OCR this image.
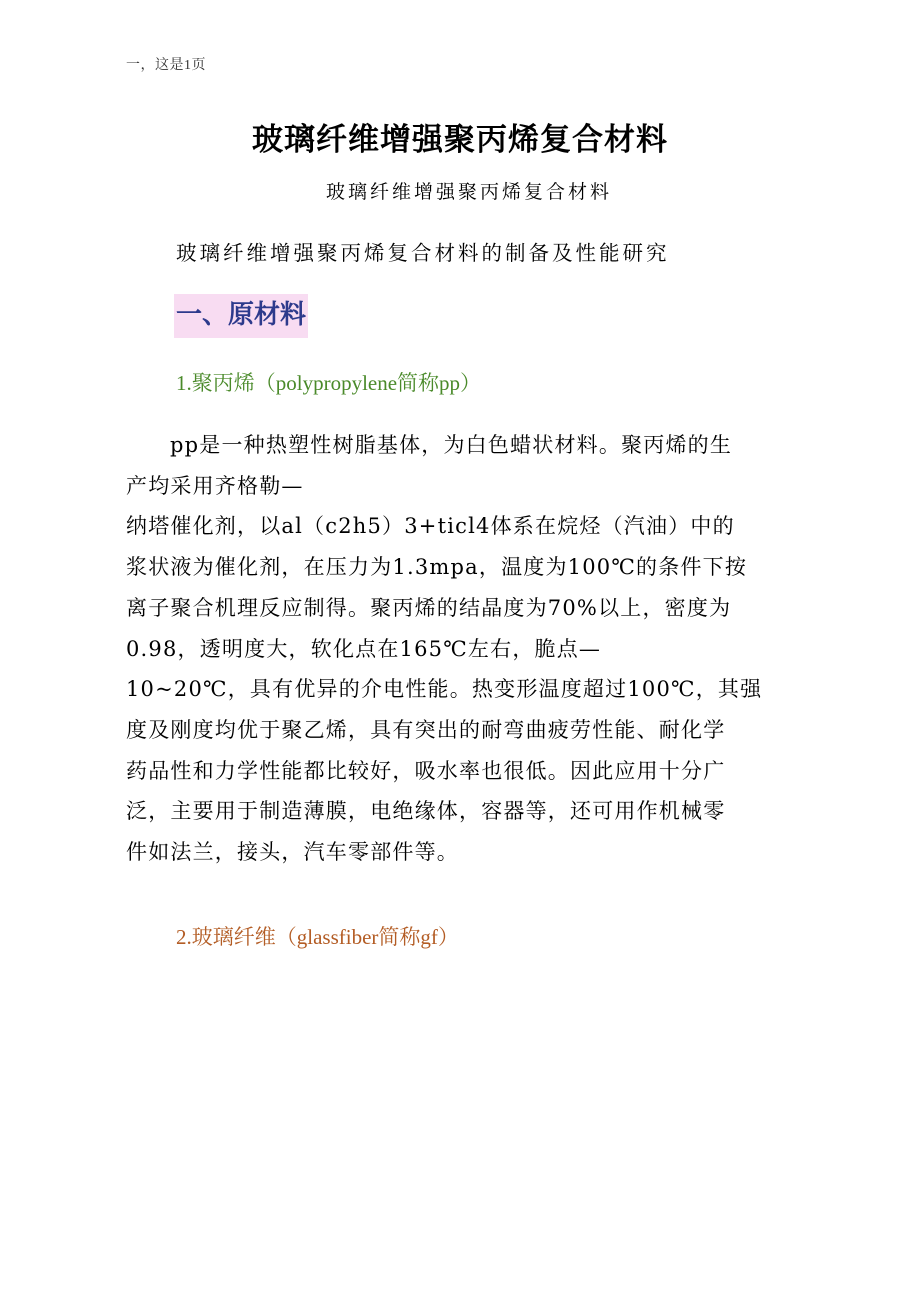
一，这是1页
玻璃纤维增强聚丙烯复合材料
玻璃纤维增强聚丙烯复合材料
玻璃纤维增强聚丙烯复合材料的制备及性能研究
一、原材料
1.聚丙烯（polypropylene简称pp）
pp是一种热塑性树脂基体，为白色蜡状材料。聚丙烯的生
产均采用齐格勒—
纳塔催化剂，以al（c2h5）3+ticl4体系在烷烃（汽油）中的
浆状液为催化剂，在压力为1.3mpa，温度为100℃的条件下按
离子聚合机理反应制得。聚丙烯的结晶度为70%以上，密度为
0.98，透明度大，软化点在165℃左右，脆点—
10~20℃，具有优异的介电性能。热变形温度超过100℃，其强
度及刚度均优于聚乙烯，具有突出的耐弯曲疲劳性能、耐化学
药品性和力学性能都比较好，吸水率也很低。因此应用十分广
泛，主要用于制造薄膜，电绝缘体，容器等，还可用作机械零
件如法兰，接头，汽车零部件等。
2.玻璃纤维（glassfiber简称gf）
